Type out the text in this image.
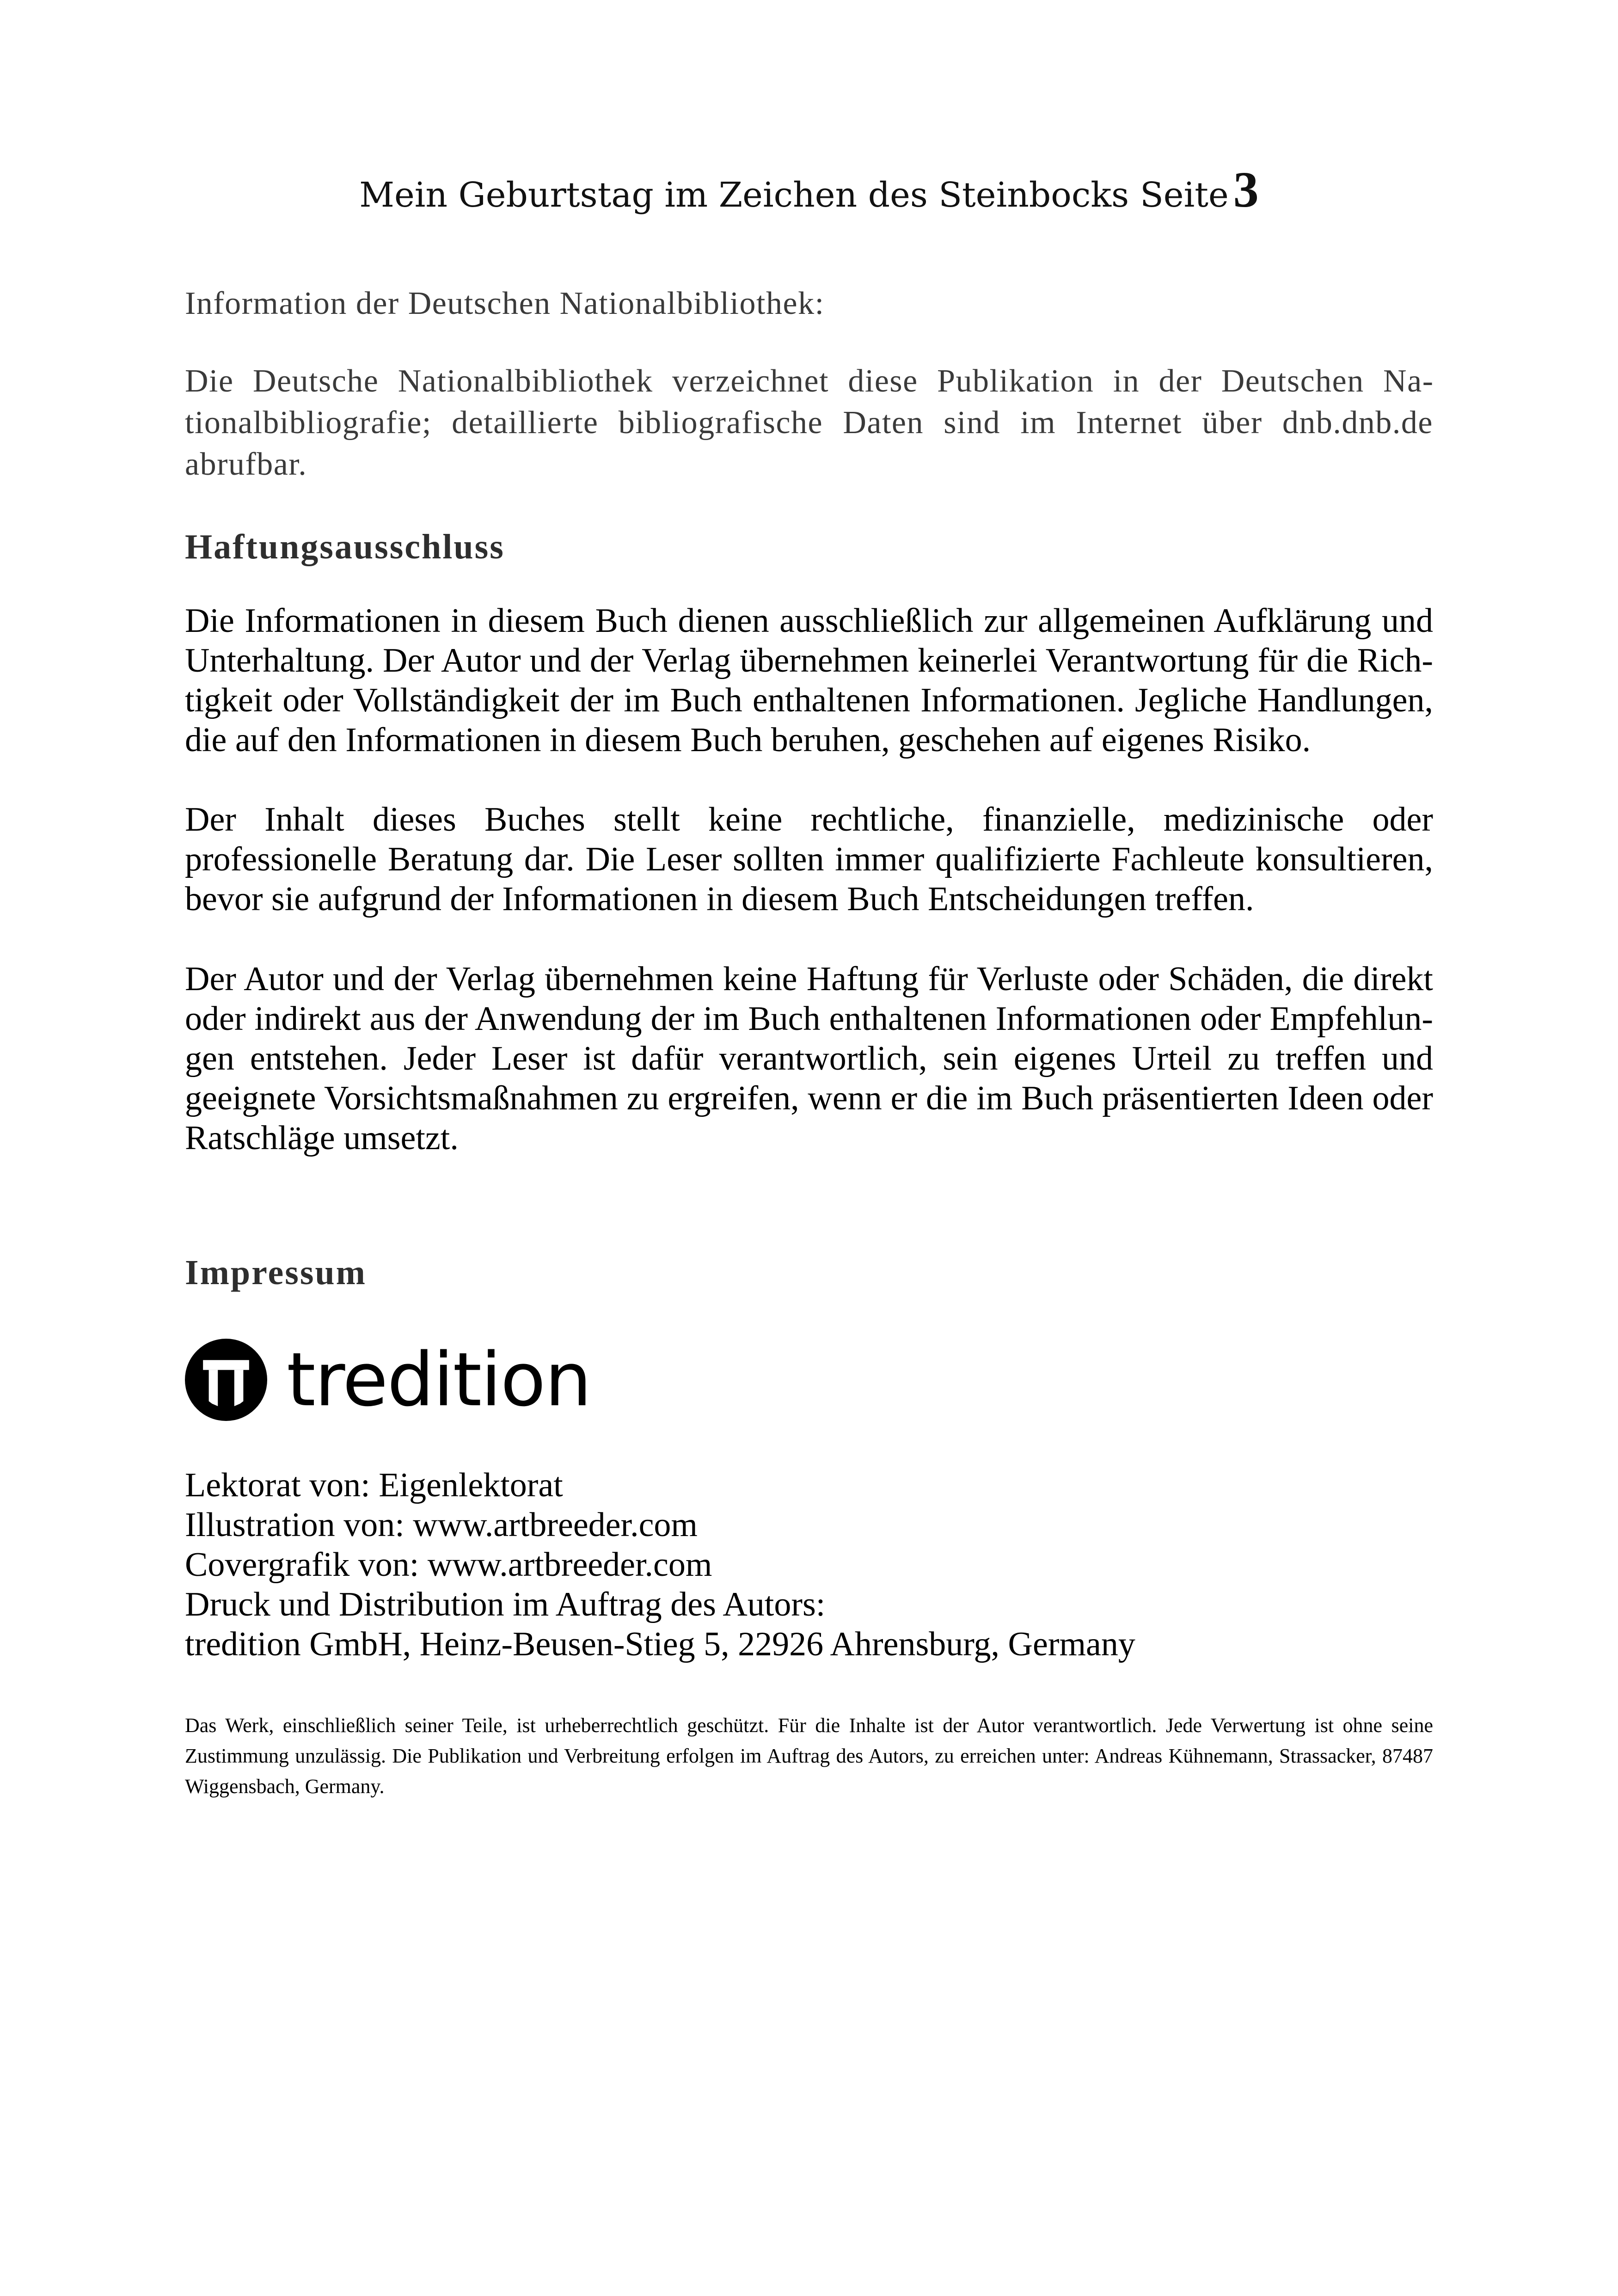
Mein Geburtstag im Zeichen des Steinbocks Seite3
Information der Deutschen Nationalbibliothek:
Die Deutsche Nationalbibliothek verzeichnet diese Publikation in der Deutschen Nationalbibliografie; detaillierte bibliografische Daten sind im Internet über dnb.dnb.de abrufbar.
Haftungsausschluss
Die Informationen in diesem Buch dienen ausschließlich zur allgemeinen Aufklärung und Unterhaltung. Der Autor und der Verlag übernehmen keinerlei Verantwortung für die Richtigkeit oder Vollständigkeit der im Buch enthaltenen Informationen. Jegliche Handlungen, die auf den Informationen in diesem Buch beruhen, geschehen auf eigenes Risiko.
Der Inhalt dieses Buches stellt keine rechtliche, finanzielle, medizinische oder professionelle Beratung dar. Die Leser sollten immer qualifizierte Fachleute konsultieren, bevor sie aufgrund der Informationen in diesem Buch Entscheidungen treffen.
Der Autor und der Verlag übernehmen keine Haftung für Verluste oder Schäden, die direkt oder indirekt aus der Anwendung der im Buch enthaltenen Informationen oder Empfehlungen entstehen. Jeder Leser ist dafür verantwortlich, sein eigenes Urteil zu treffen und geeignete Vorsichtsmaßnahmen zu ergreifen, wenn er die im Buch präsentierten Ideen oder Ratschläge umsetzt.
Impressum
tredition
Lektorat von: Eigenlektorat
Illustration von: www.artbreeder.com
Covergrafik von: www.artbreeder.com
Druck und Distribution im Auftrag des Autors:
tredition GmbH, Heinz-Beusen-Stieg 5, 22926 Ahrensburg, Germany
Das Werk, einschließlich seiner Teile, ist urheberrechtlich geschützt. Für die Inhalte ist der Autor verantwortlich. Jede Verwertung ist ohne seine Zustimmung unzulässig. Die Publikation und Verbreitung erfolgen im Auftrag des Autors, zu erreichen unter: Andreas Kühnemann, Strassacker, 87487 Wiggensbach, Germany.
